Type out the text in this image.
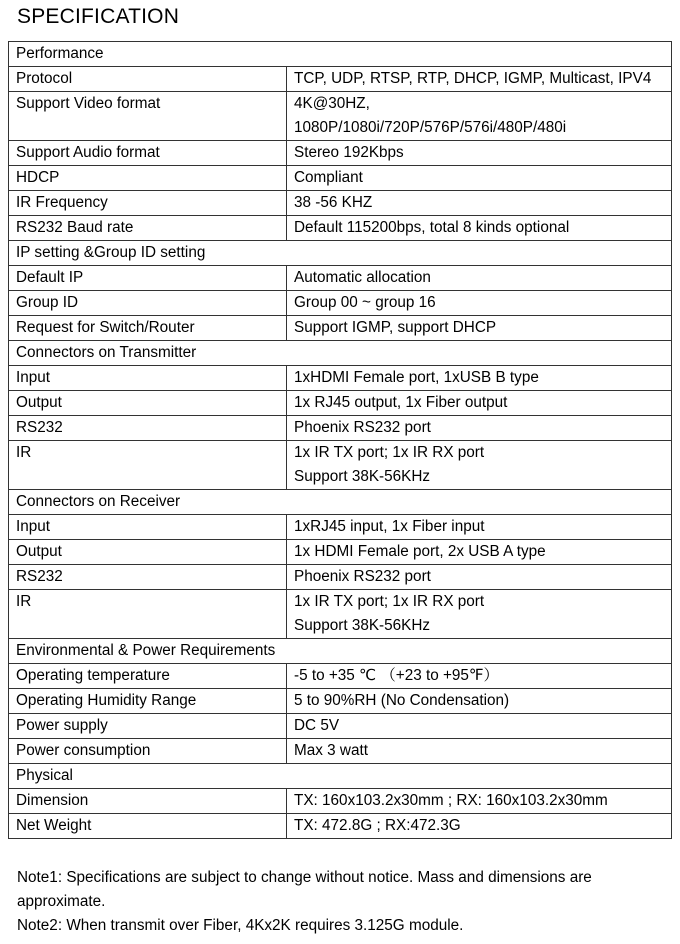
SPECIFICATION
Performance	
Protocol	TCP, UDP, RTSP, RTP, DHCP, IGMP, Multicast, IPV4
Support Video format	4K@30HZ,
1080P/1080i/720P/576P/576i/480P/480i

Support Audio format	Stereo 192Kbps
HDCP	Compliant
IR Frequency	38 -56 KHZ
RS232 Baud rate	Default 115200bps, total 8 kinds optional
IP setting &Group ID setting	
Default IP	Automatic allocation
Group ID	Group 00 ~ group 16
Request for Switch/Router	Support IGMP, support DHCP
Connectors on Transmitter	
Input	1xHDMI Female port, 1xUSB B type
Output	1x RJ45 output, 1x Fiber output
RS232	Phoenix RS232 port
IR	1x IR TX port; 1x IR RX port
Support 38K-56KHz

Connectors on Receiver	
Input	1xRJ45 input, 1x Fiber input
Output	1x HDMI Female port, 2x USB A type
RS232	Phoenix RS232 port
IR	1x IR TX port; 1x IR RX port
Support 38K-56KHz

Environmental & Power Requirements	
Operating temperature	-5 to +35 ℃ （+23 to +95℉）
Operating Humidity Range	5 to 90%RH (No Condensation)
Power supply	DC 5V
Power consumption	Max 3 watt
Physical	
Dimension	TX: 160x103.2x30mm ; RX: 160x103.2x30mm
Net Weight	TX: 472.8G ; RX:472.3G

Note1: Specifications are subject to change without notice. Mass and dimensions are approximate.

Note2: When transmit over Fiber, 4Kx2K requires 3.125G module.
